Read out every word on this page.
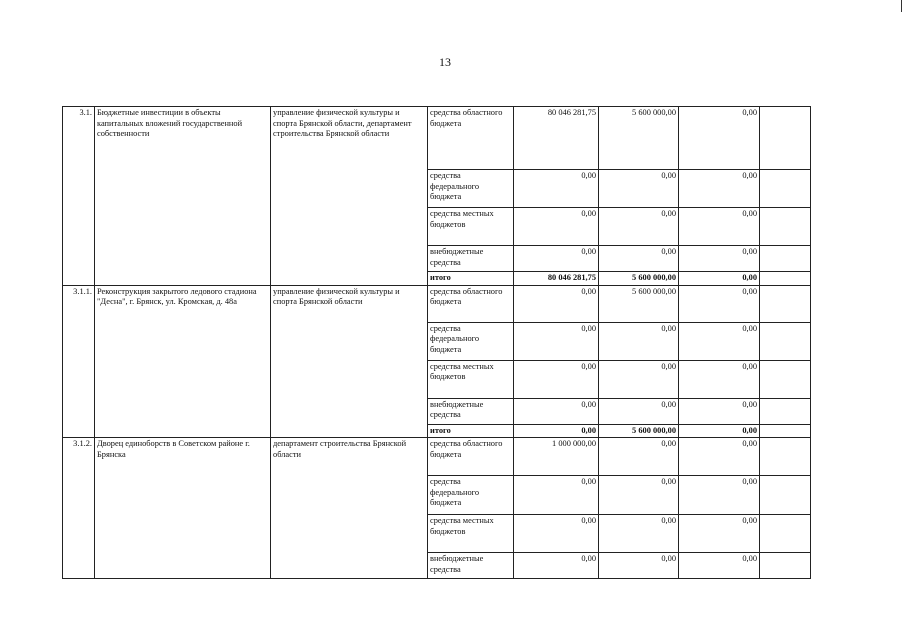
13
3.1.	Бюджетные инвестиции в объекты капитальных вложений государственной собственности	управление физической культуры и спорта Брянской области, департамент строительства Брянской области	средства областного бюджета	80 046 281,75	5 600 000,00	0,00	
			средства федерального бюджета	0,00	0,00	0,00	
			средства местных бюджетов	0,00	0,00	0,00	
			внебюджетные средства	0,00	0,00	0,00	
			итого	80 046 281,75	5 600 000,00	0,00	
3.1.1.	Реконструкция закрытого ледового стадиона "Десна", г. Брянск, ул. Кромская, д. 48а	управление физической культуры и спорта Брянской области	средства областного бюджета	0,00	5 600 000,00	0,00	
			средства федерального бюджета	0,00	0,00	0,00	
			средства местных бюджетов	0,00	0,00	0,00	
			внебюджетные средства	0,00	0,00	0,00	
			итого	0,00	5 600 000,00	0,00	
3.1.2.	Дворец единоборств в Советском районе г. Брянска	департамент строительства Брянской области	средства областного бюджета	1 000 000,00	0,00	0,00	
			средства федерального бюджета	0,00	0,00	0,00	
			средства местных бюджетов	0,00	0,00	0,00	
			внебюджетные средства	0,00	0,00	0,00	
